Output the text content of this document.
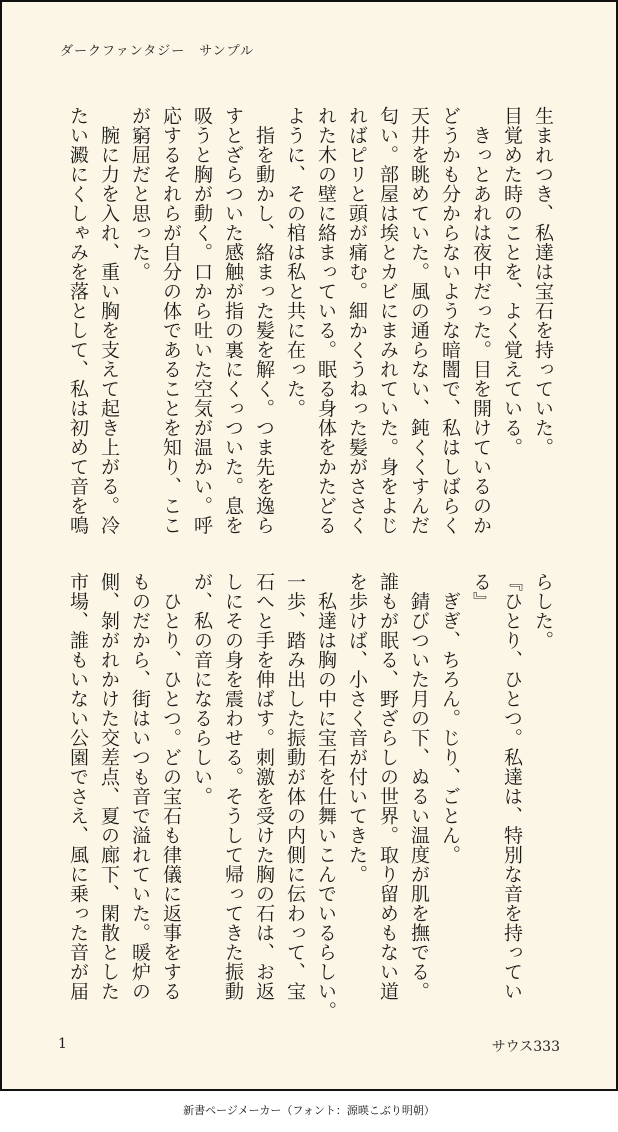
ダークファンタジー　サンプル

生まれつき、私達は宝石を持っていた。

目覚めた時のことを、よく覚えている。

　きっとあれは夜中だった。目を開けているのか

どうかも分からないような暗闇で、私はしばらく

天井を眺めていた。風の通らない、鈍くくすんだ

匂い。部屋は埃とカビにまみれていた。身をよじ

ればピリと頭が痛む。細かくうねった髪がささく

れた木の壁に絡まっている。眠る身体をかたどる

ように、その棺は私と共に在った。

　指を動かし、絡まった髪を解く。つま先を逸ら

すとざらついた感触が指の裏にくっついた。息を

吸うと胸が動く。口から吐いた空気が温かい。呼

応するそれらが自分の体であることを知り、ここ

が窮屈だと思った。

　腕に力を入れ、重い胸を支えて起き上がる。冷

たい澱にくしゃみを落として、私は初めて音を鳴

らした。

『ひとり、ひとつ。私達は、特別な音を持ってい

る』

　ぎぎ、ちろん。じり、ごとん。

　錆びついた月の下、ぬるい温度が肌を撫でる。

誰もが眠る、野ざらしの世界。取り留めもない道

を歩けば、小さく音が付いてきた。

　私達は胸の中に宝石を仕舞いこんでいるらしい。

一歩、踏み出した振動が体の内側に伝わって、宝

石へと手を伸ばす。刺激を受けた胸の石は、お返

しにその身を震わせる。そうして帰ってきた振動

が、私の音になるらしい。

　ひとり、ひとつ。どの宝石も律儀に返事をする

ものだから、街はいつも音で溢れていた。暖炉の

側、剝がれかけた交差点、夏の廊下、閑散とした

市場、誰もいない公園でさえ、風に乗った音が届

1	サウス333
新書ページメーカー（フォント：源暎こぶり明朝）
